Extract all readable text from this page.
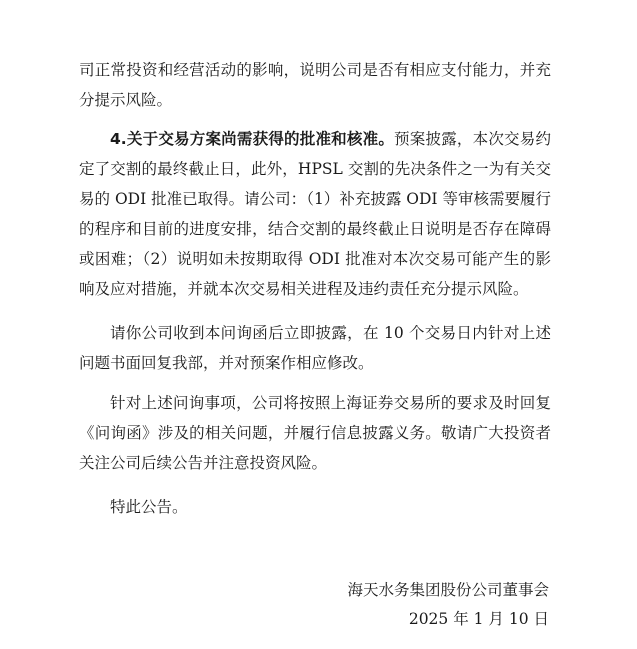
司正常投资和经营活动的影响，说明公司是否有相应支付能力，并充分提示风险。

4.关于交易方案尚需获得的批准和核准。预案披露，本次交易约定了交割的最终截止日，此外，HPSL 交割的先决条件之一为有关交易的 ODI 批准已取得。请公司：（1）补充披露 ODI 等审核需要履行的程序和目前的进度安排，结合交割的最终截止日说明是否存在障碍或困难；（2）说明如未按期取得 ODI 批准对本次交易可能产生的影响及应对措施，并就本次交易相关进程及违约责任充分提示风险。

请你公司收到本问询函后立即披露，在 10 个交易日内针对上述问题书面回复我部，并对预案作相应修改。

针对上述问询事项，公司将按照上海证券交易所的要求及时回复《问询函》涉及的相关问题，并履行信息披露义务。敬请广大投资者关注公司后续公告并注意投资风险。

特此公告。

海天水务集团股份公司董事会

2025 年 1 月 10 日
